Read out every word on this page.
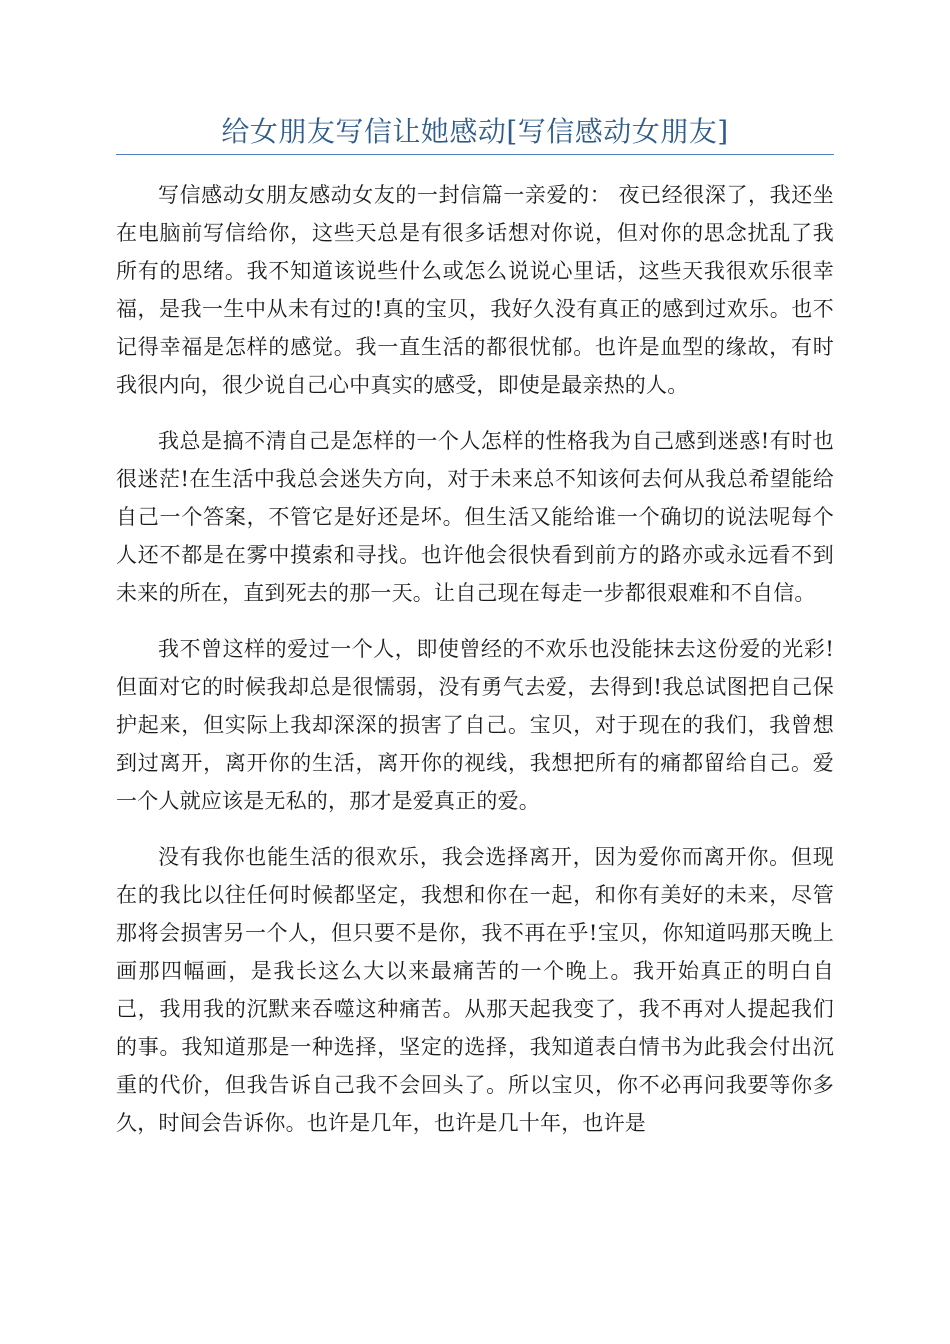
给女朋友写信让她感动[写信感动女朋友]

写信感动女朋友感动女友的一封信篇一亲爱的： 夜已经很深了，我还坐在电脑前写信给你，这些天总是有很多话想对你说，但对你的思念扰乱了我所有的思绪。我不知道该说些什么或怎么说说心里话，这些天我很欢乐很幸福，是我一生中从未有过的!真的宝贝，我好久没有真正的感到过欢乐。也不记得幸福是怎样的感觉。我一直生活的都很忧郁。也许是血型的缘故，有时我很内向，很少说自己心中真实的感受，即使是最亲热的人。

我总是搞不清自己是怎样的一个人怎样的性格我为自己感到迷惑!有时也很迷茫!在生活中我总会迷失方向，对于未来总不知该何去何从我总希望能给自己一个答案，不管它是好还是坏。但生活又能给谁一个确切的说法呢每个人还不都是在雾中摸索和寻找。也许他会很快看到前方的路亦或永远看不到未来的所在，直到死去的那一天。让自己现在每走一步都很艰难和不自信。

我不曾这样的爱过一个人，即使曾经的不欢乐也没能抹去这份爱的光彩!但面对它的时候我却总是很懦弱，没有勇气去爱，去得到!我总试图把自己保护起来，但实际上我却深深的损害了自己。宝贝，对于现在的我们，我曾想到过离开，离开你的生活，离开你的视线，我想把所有的痛都留给自己。爱一个人就应该是无私的，那才是爱真正的爱。

没有我你也能生活的很欢乐，我会选择离开，因为爱你而离开你。但现在的我比以往任何时候都坚定，我想和你在一起，和你有美好的未来，尽管那将会损害另一个人，但只要不是你，我不再在乎!宝贝，你知道吗那天晚上画那四幅画，是我长这么大以来最痛苦的一个晚上。我开始真正的明白自己，我用我的沉默来吞噬这种痛苦。从那天起我变了，我不再对人提起我们的事。我知道那是一种选择，坚定的选择，我知道表白情书为此我会付出沉重的代价，但我告诉自己我不会回头了。所以宝贝，你不必再问我要等你多久，时间会告诉你。也许是几年，也许是几十年，也许是
